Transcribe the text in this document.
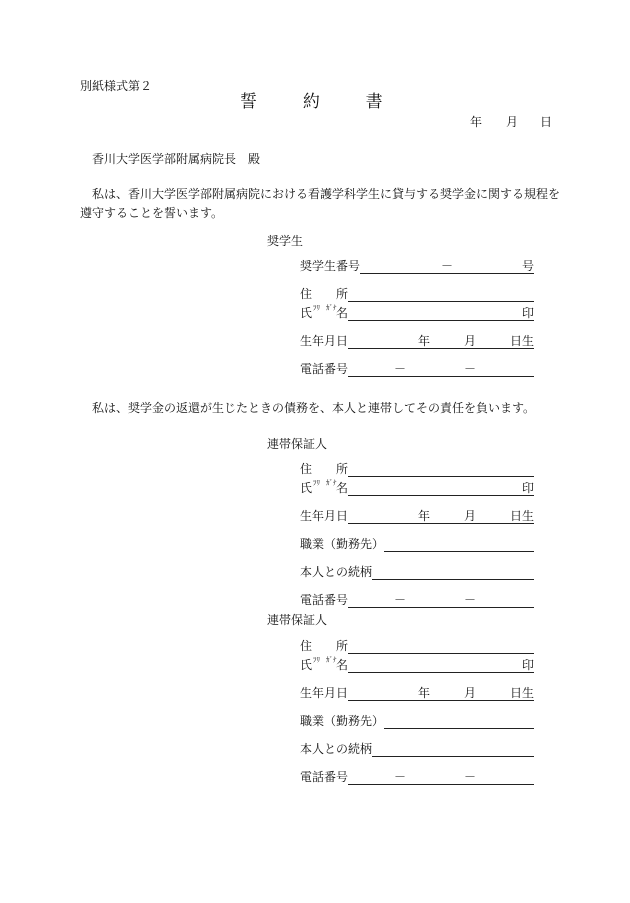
別紙様式第２
誓	約	書
年 月 日
香川大学医学部附属病院長　殿
私は、香川大学医学部附属病院における看護学科学生に貸与する奨学金に関する規程を
遵守することを誓います。
奨学生
奨学生番号	－	号
住 所
ﾌﾘ ｶﾞﾅ
氏 名	印
生年月日	年	月	日生
電話番号	－	－
私は、奨学金の返還が生じたときの債務を、本人と連帯してその責任を負います。
連帯保証人
住 所
ﾌﾘ ｶﾞﾅ
氏 名	印
生年月日	年	月	日生
職業（勤務先）
本人との続柄
電話番号	－	－
連帯保証人
住 所
ﾌﾘ ｶﾞﾅ
氏 名	印
生年月日	年	月	日生
職業（勤務先）
本人との続柄
電話番号	－	－
